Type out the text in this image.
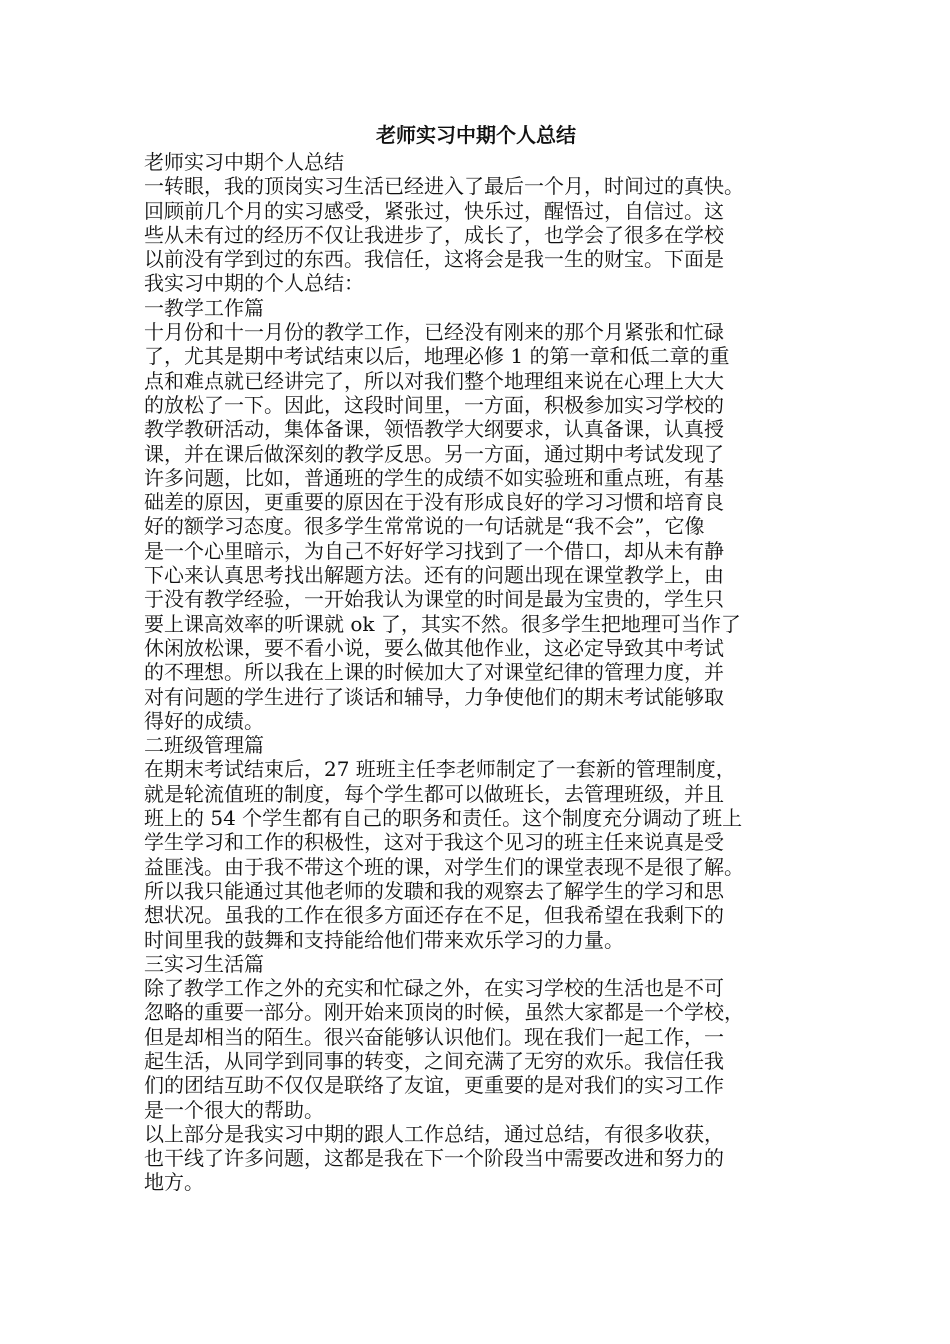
老师实习中期个人总结

老师实习中期个人总结

一转眼，我的顶岗实习生活已经进入了最后一个月，时间过的真快。

回顾前几个月的实习感受，紧张过，快乐过，醒悟过，自信过。这

些从未有过的经历不仅让我进步了，成长了，也学会了很多在学校

以前没有学到过的东西。我信任，这将会是我一生的财宝。下面是

我实习中期的个人总结：

一教学工作篇

十月份和十一月份的教学工作，已经没有刚来的那个月紧张和忙碌

了，尤其是期中考试结束以后，地理必修 1 的第一章和低二章的重

点和难点就已经讲完了，所以对我们整个地理组来说在心理上大大

的放松了一下。因此，这段时间里，一方面，积极参加实习学校的

教学教研活动，集体备课，领悟教学大纲要求，认真备课，认真授

课，并在课后做深刻的教学反思。另一方面，通过期中考试发现了

许多问题，比如，普通班的学生的成绩不如实验班和重点班，有基

础差的原因，更重要的原因在于没有形成良好的学习习惯和培育良

好的额学习态度。很多学生常常说的一句话就是“我不会”，它像

是一个心里暗示，为自己不好好学习找到了一个借口，却从未有静

下心来认真思考找出解题方法。还有的问题出现在课堂教学上，由

于没有教学经验，一开始我认为课堂的时间是最为宝贵的，学生只

要上课高效率的听课就 ok 了，其实不然。很多学生把地理可当作了

休闲放松课，要不看小说，要么做其他作业，这必定导致其中考试

的不理想。所以我在上课的时候加大了对课堂纪律的管理力度，并

对有问题的学生进行了谈话和辅导，力争使他们的期末考试能够取

得好的成绩。

二班级管理篇

在期末考试结束后，27 班班主任李老师制定了一套新的管理制度，

就是轮流值班的制度，每个学生都可以做班长，去管理班级，并且

班上的 54 个学生都有自己的职务和责任。这个制度充分调动了班上

学生学习和工作的积极性，这对于我这个见习的班主任来说真是受

益匪浅。由于我不带这个班的课，对学生们的课堂表现不是很了解。

所以我只能通过其他老师的发聩和我的观察去了解学生的学习和思

想状况。虽我的工作在很多方面还存在不足，但我希望在我剩下的

时间里我的鼓舞和支持能给他们带来欢乐学习的力量。

三实习生活篇

除了教学工作之外的充实和忙碌之外，在实习学校的生活也是不可

忽略的重要一部分。刚开始来顶岗的时候，虽然大家都是一个学校，

但是却相当的陌生。很兴奋能够认识他们。现在我们一起工作，一

起生活，从同学到同事的转变，之间充满了无穷的欢乐。我信任我

们的团结互助不仅仅是联络了友谊，更重要的是对我们的实习工作

是一个很大的帮助。

以上部分是我实习中期的跟人工作总结，通过总结，有很多收获，

也干线了许多问题，这都是我在下一个阶段当中需要改进和努力的

地方。
